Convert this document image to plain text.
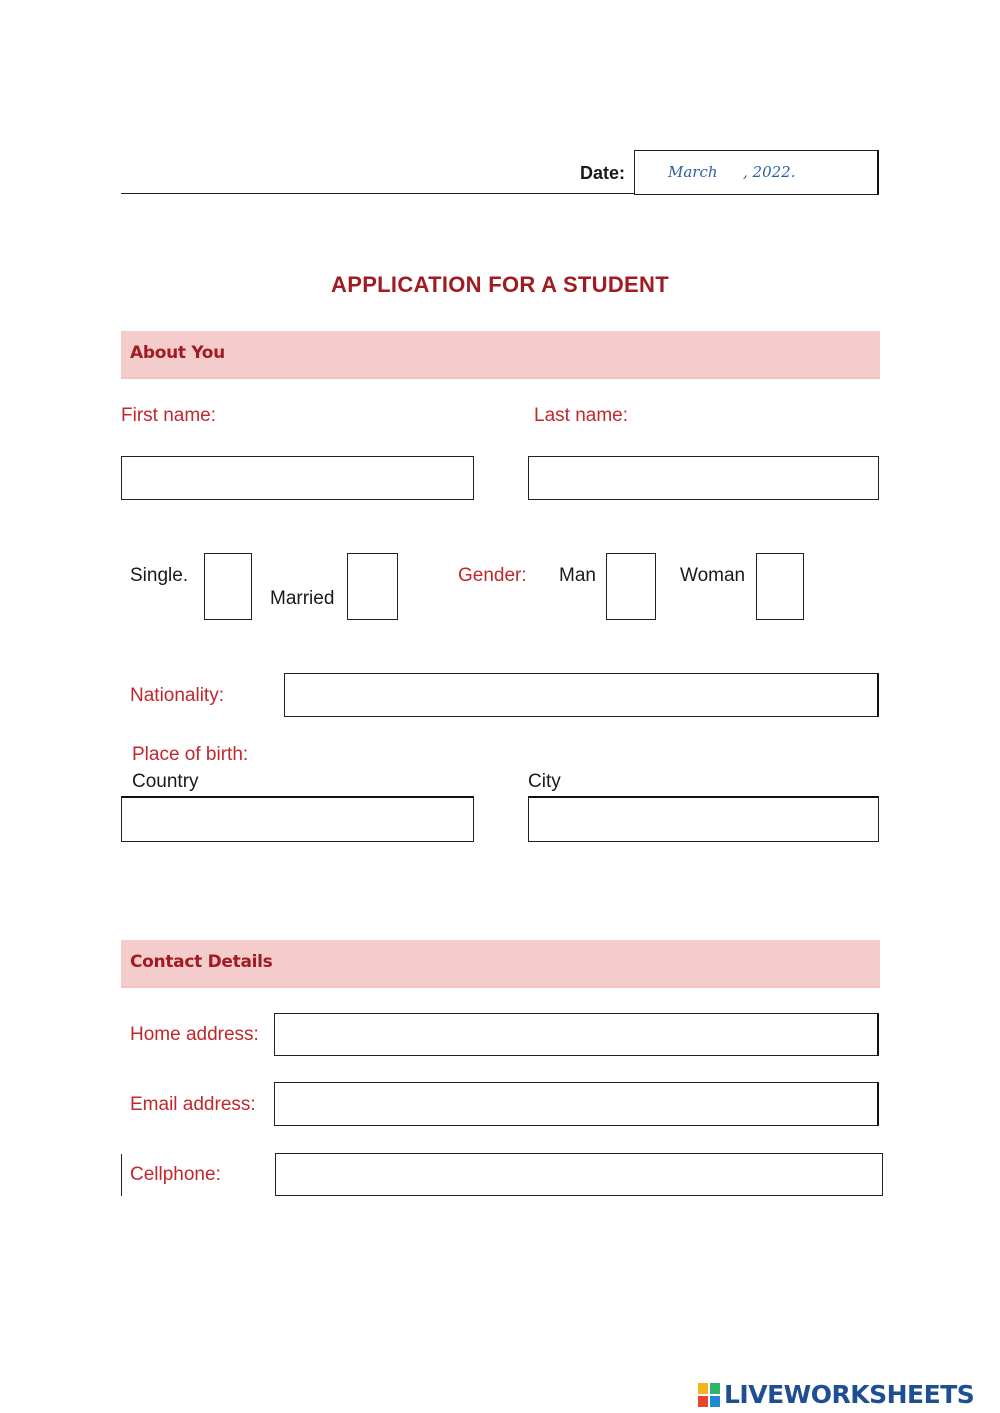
Date:	March , 2022.
APPLICATION FOR A STUDENT
About You
First name:	Last name:
Single.
Married
Gender: Man	Woman
Nationality:
Place of birth:
Country	City
Contact Details
Home address:
Email address:
Cellphone:
LIVEWORKSHEETS
